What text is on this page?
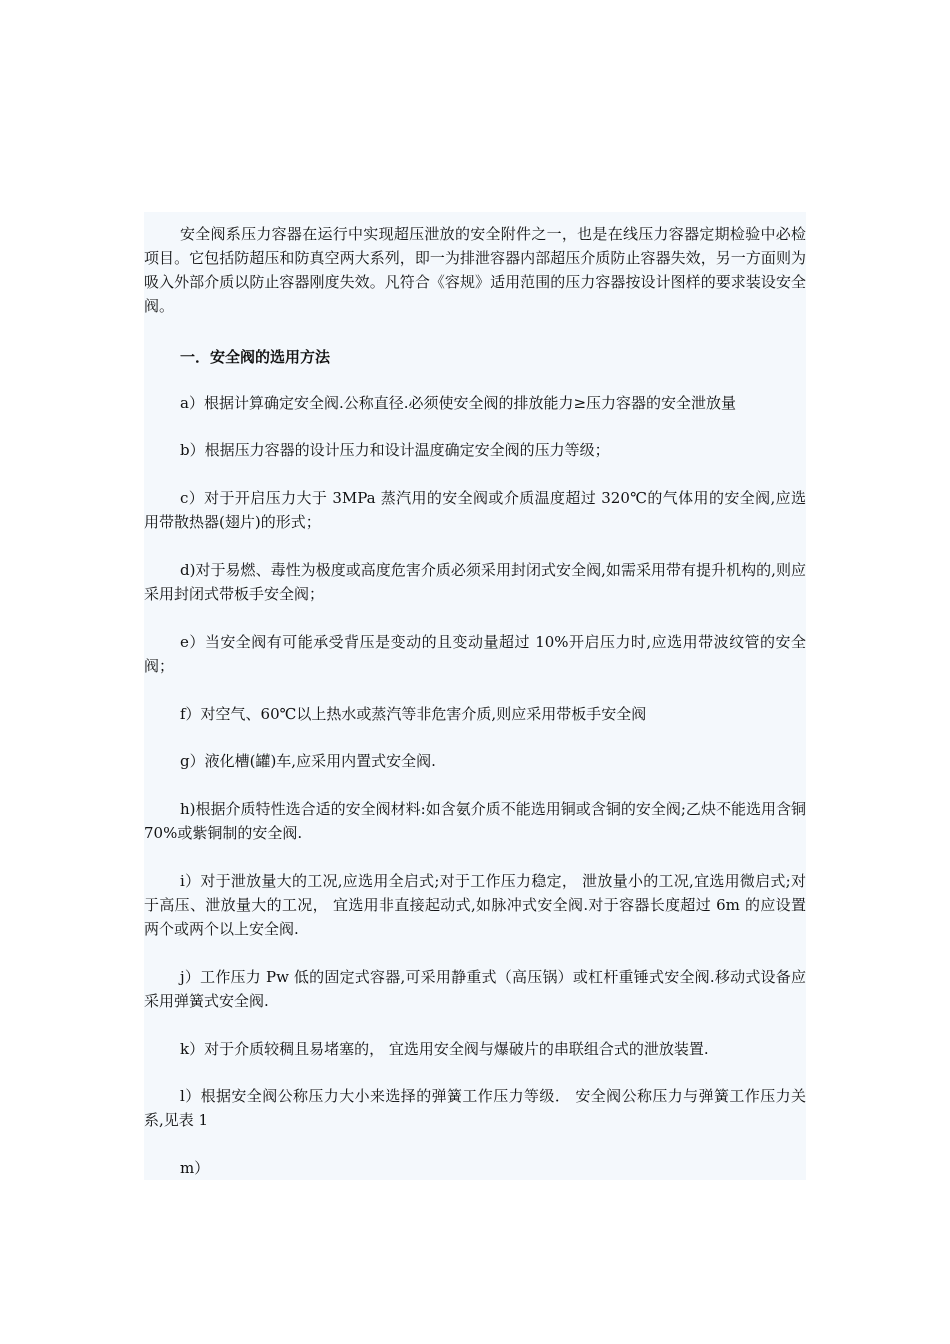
安全阀系压力容器在运行中实现超压泄放的安全附件之一，也是在线压力容器定期检验中必检项目。它包括防超压和防真空两大系列，即一为排泄容器内部超压介质防止容器失效，另一方面则为吸入外部介质以防止容器刚度失效。凡符合《容规》适用范围的压力容器按设计图样的要求装设安全阀。

一．安全阀的选用方法

a）根据计算确定安全阀.公称直径.必须使安全阀的排放能力≥压力容器的安全泄放量

b）根据压力容器的设计压力和设计温度确定安全阀的压力等级；

c）对于开启压力大于 3MPa 蒸汽用的安全阀或介质温度超过 320℃的气体用的安全阀,应选用带散热器(翅片)的形式；

d)对于易燃、毒性为极度或高度危害介质必须采用封闭式安全阀,如需采用带有提升机构的,则应采用封闭式带板手安全阀；

e）当安全阀有可能承受背压是变动的且变动量超过 10%开启压力时,应选用带波纹管的安全阀；

f）对空气、60℃以上热水或蒸汽等非危害介质,则应采用带板手安全阀

g）液化槽(罐)车,应采用内置式安全阀.

h)根据介质特性选合适的安全阀材料:如含氨介质不能选用铜或含铜的安全阀;乙炔不能选用含铜 70%或紫铜制的安全阀.

i）对于泄放量大的工况,应选用全启式;对于工作压力稳定， 泄放量小的工况,宜选用微启式;对于高压、泄放量大的工况， 宜选用非直接起动式,如脉冲式安全阀.对于容器长度超过 6m 的应设置两个或两个以上安全阀.

j）工作压力 Pw 低的固定式容器,可采用静重式（高压锅）或杠杆重锤式安全阀.移动式设备应采用弹簧式安全阀.

k）对于介质较稠且易堵塞的， 宜选用安全阀与爆破片的串联组合式的泄放装置.

l）根据安全阀公称压力大小来选择的弹簧工作压力等级． 安全阀公称压力与弹簧工作压力关系,见表 1

m）
